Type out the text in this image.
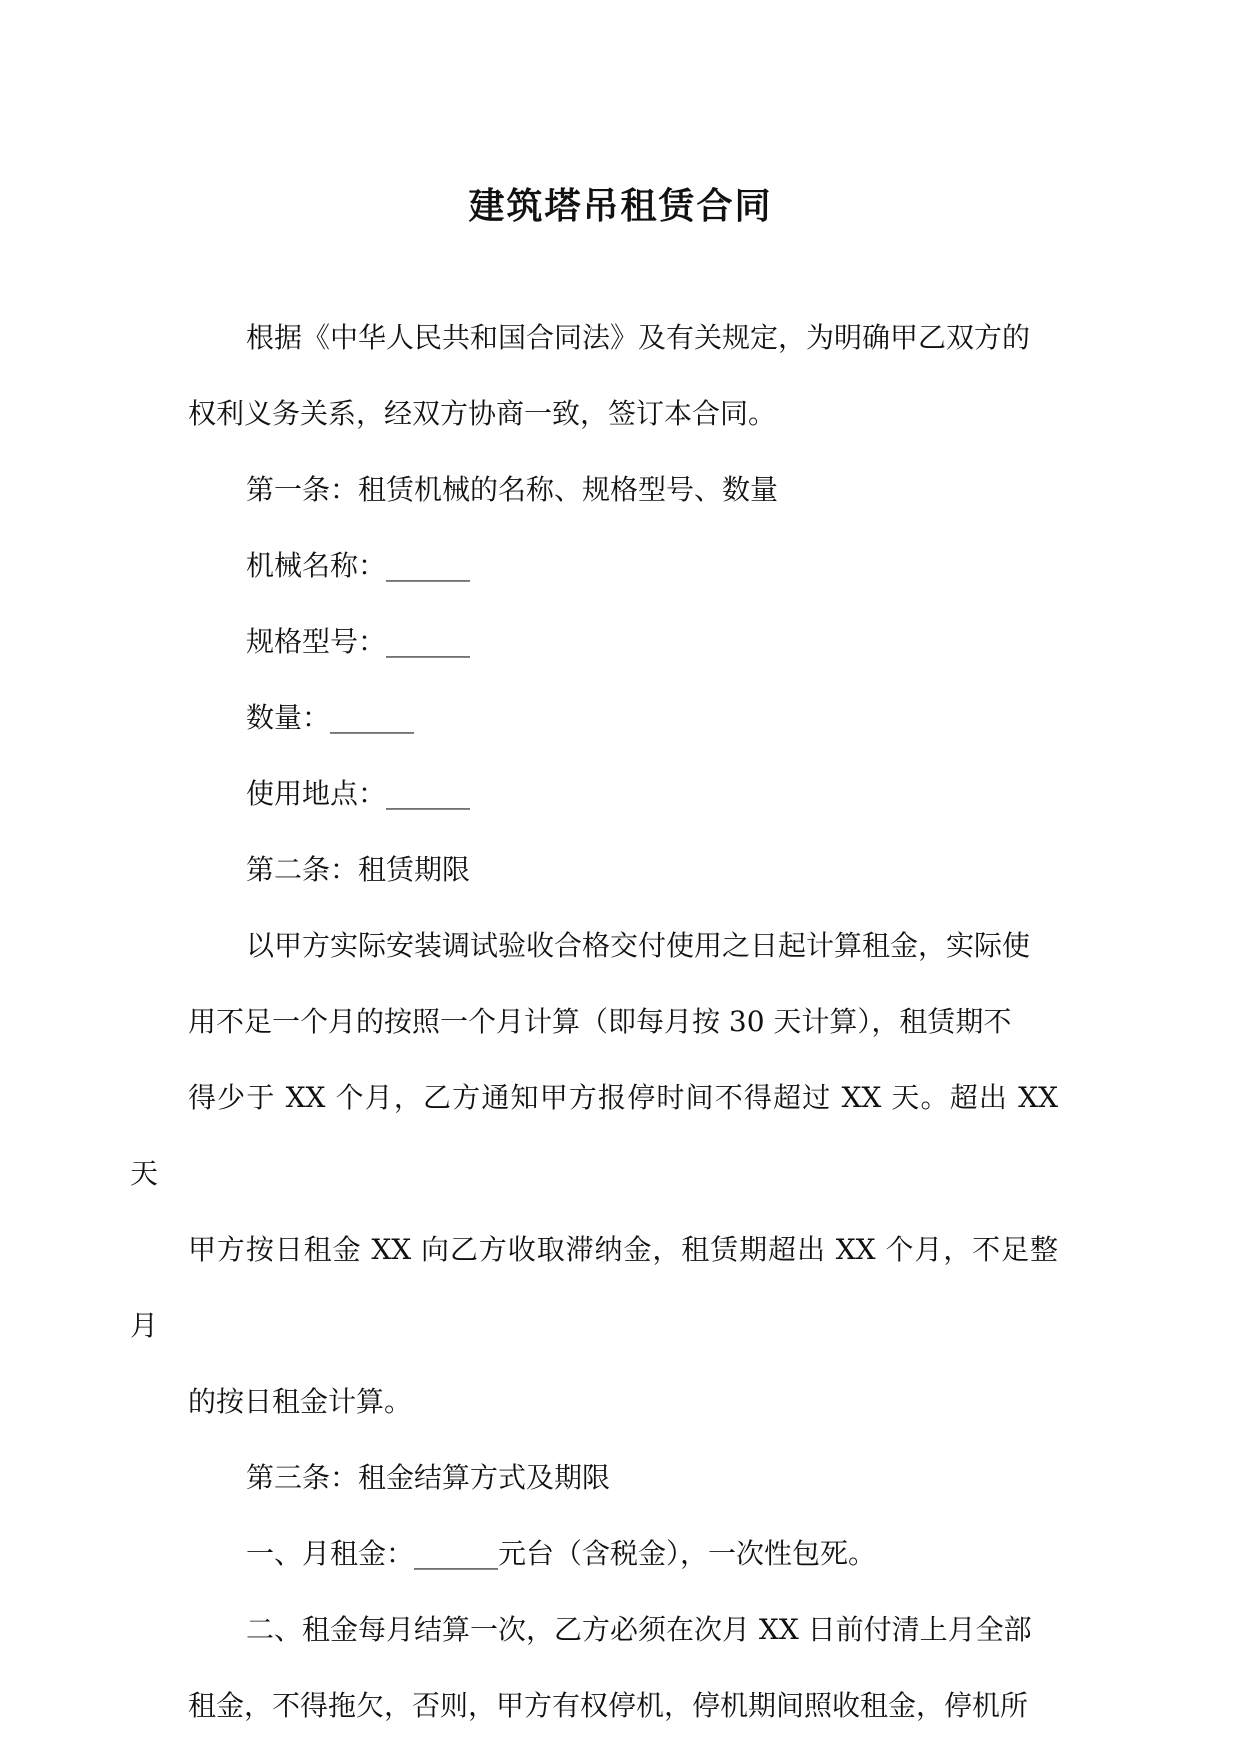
建筑塔吊租赁合同

根据《中华人民共和国合同法》及有关规定，为明确甲乙双方的
权利义务关系，经双方协商一致，签订本合同。

第一条：租赁机械的名称、规格型号、数量

机械名称：______

规格型号：______

数量：______

使用地点：______

第二条：租赁期限

以甲方实际安装调试验收合格交付使用之日起计算租金，实际使
用不足一个月的按照一个月计算（即每月按 30 天计算），租赁期不
得少于 XX 个月，乙方通知甲方报停时间不得超过 XX 天。超出 XX 天
甲方按日租金 XX 向乙方收取滞纳金，租赁期超出 XX 个月，不足整月
的按日租金计算。

第三条：租金结算方式及期限

一、月租金：______元台（含税金），一次性包死。

二、租金每月结算一次，乙方必须在次月 XX 日前付清上月全部
租金，不得拖欠，否则，甲方有权停机，停机期间照收租金，停机所
